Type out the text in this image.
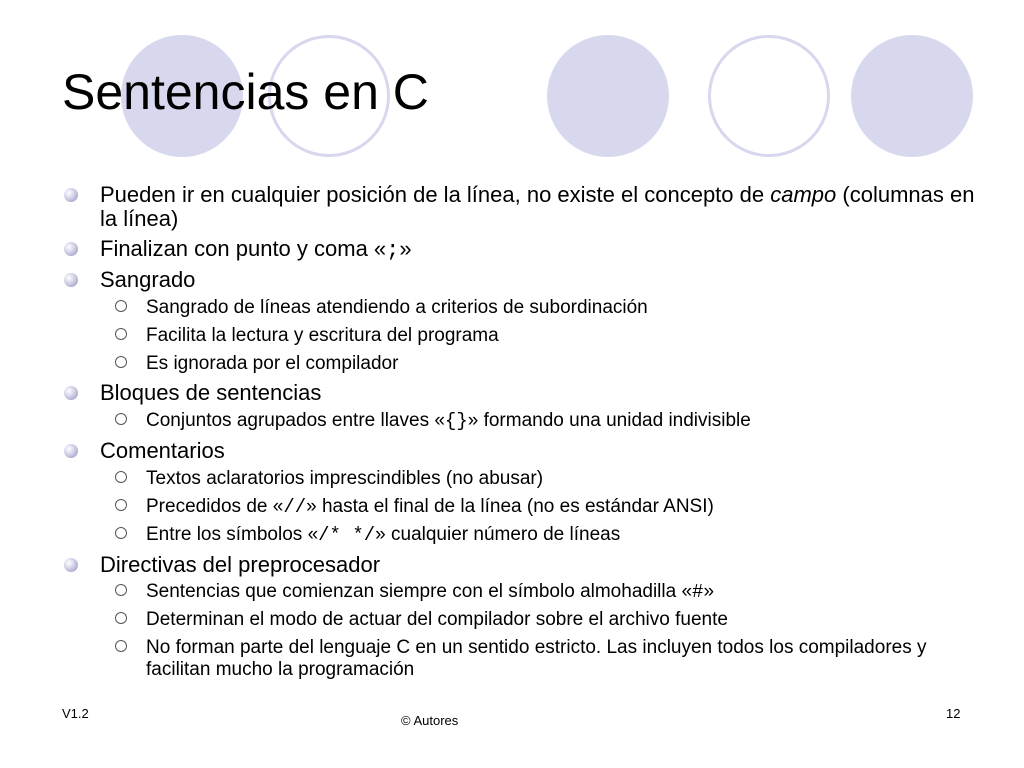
Sentencias en C
Pueden ir en cualquier posición de la línea, no existe el concepto de campo (columnas en la línea)
Finalizan con punto y coma «;»
Sangrado
Sangrado de líneas atendiendo a criterios de subordinación
Facilita la lectura y escritura del programa
Es ignorada por el compilador
Bloques de sentencias
Conjuntos agrupados entre llaves «{}» formando una unidad indivisible
Comentarios
Textos aclaratorios imprescindibles (no abusar)
Precedidos de «//» hasta el final de la línea (no es estándar ANSI)
Entre los símbolos «/* */» cualquier número de líneas
Directivas del preprocesador
Sentencias que comienzan siempre con el símbolo almohadilla «#»
Determinan el modo de actuar del compilador sobre el archivo fuente
No forman parte del lenguaje C en un sentido estricto. Las incluyen todos los compiladores y facilitan mucho la programación
V1.2	© Autores	12
